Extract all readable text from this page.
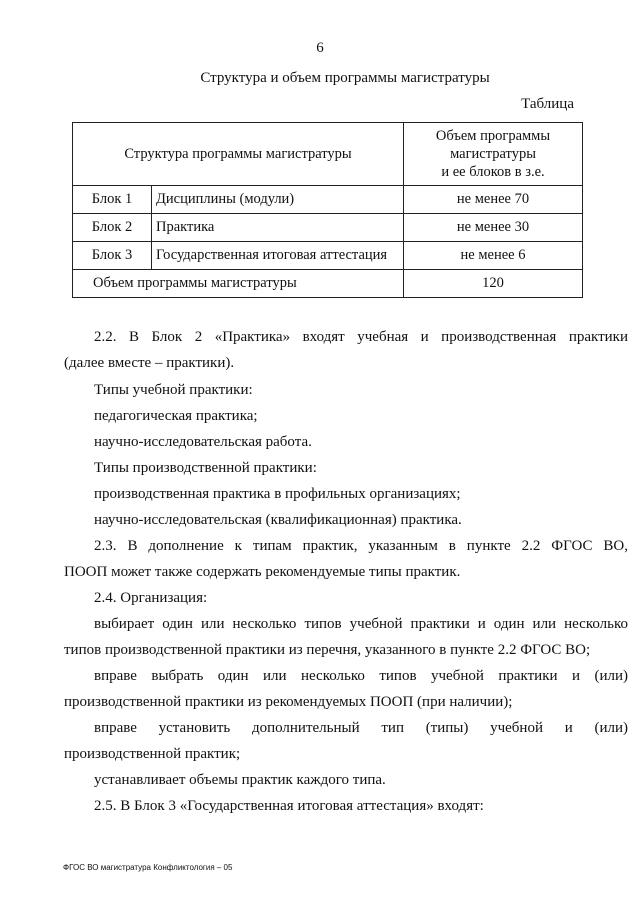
6
Структура и объем программы магистратуры
Таблица
Структура программы магистратуры		Объем программы
магистратуры
и ее блоков в з.е.

Блок 1	Дисциплины (модули)	не менее 70
Блок 2	Практика	не менее 30
Блок 3	Государственная итоговая аттестация	не менее 6
Объем программы магистратуры		120
2.2. В Блок 2 «Практика» входят учебная и производственная практики
(далее вместе – практики).
Типы учебной практики:
педагогическая практика;
научно-исследовательская работа.
Типы производственной практики:
производственная практика в профильных организациях;
научно-исследовательская (квалификационная) практика.
2.3. В дополнение к типам практик, указанным в пункте 2.2 ФГОС ВО,
ПООП может также содержать рекомендуемые типы практик.
2.4. Организация:
выбирает один или несколько типов учебной практики и один или несколько
типов производственной практики из перечня, указанного в пункте 2.2 ФГОС ВО;
вправе выбрать один или несколько типов учебной практики и (или)
производственной практики из рекомендуемых ПООП (при наличии);
вправе установить дополнительный тип (типы) учебной и (или)
производственной практик;
устанавливает объемы практик каждого типа.
2.5. В Блок 3 «Государственная итоговая аттестация» входят:
ФГОС ВО магистратура Конфликтология – 05
